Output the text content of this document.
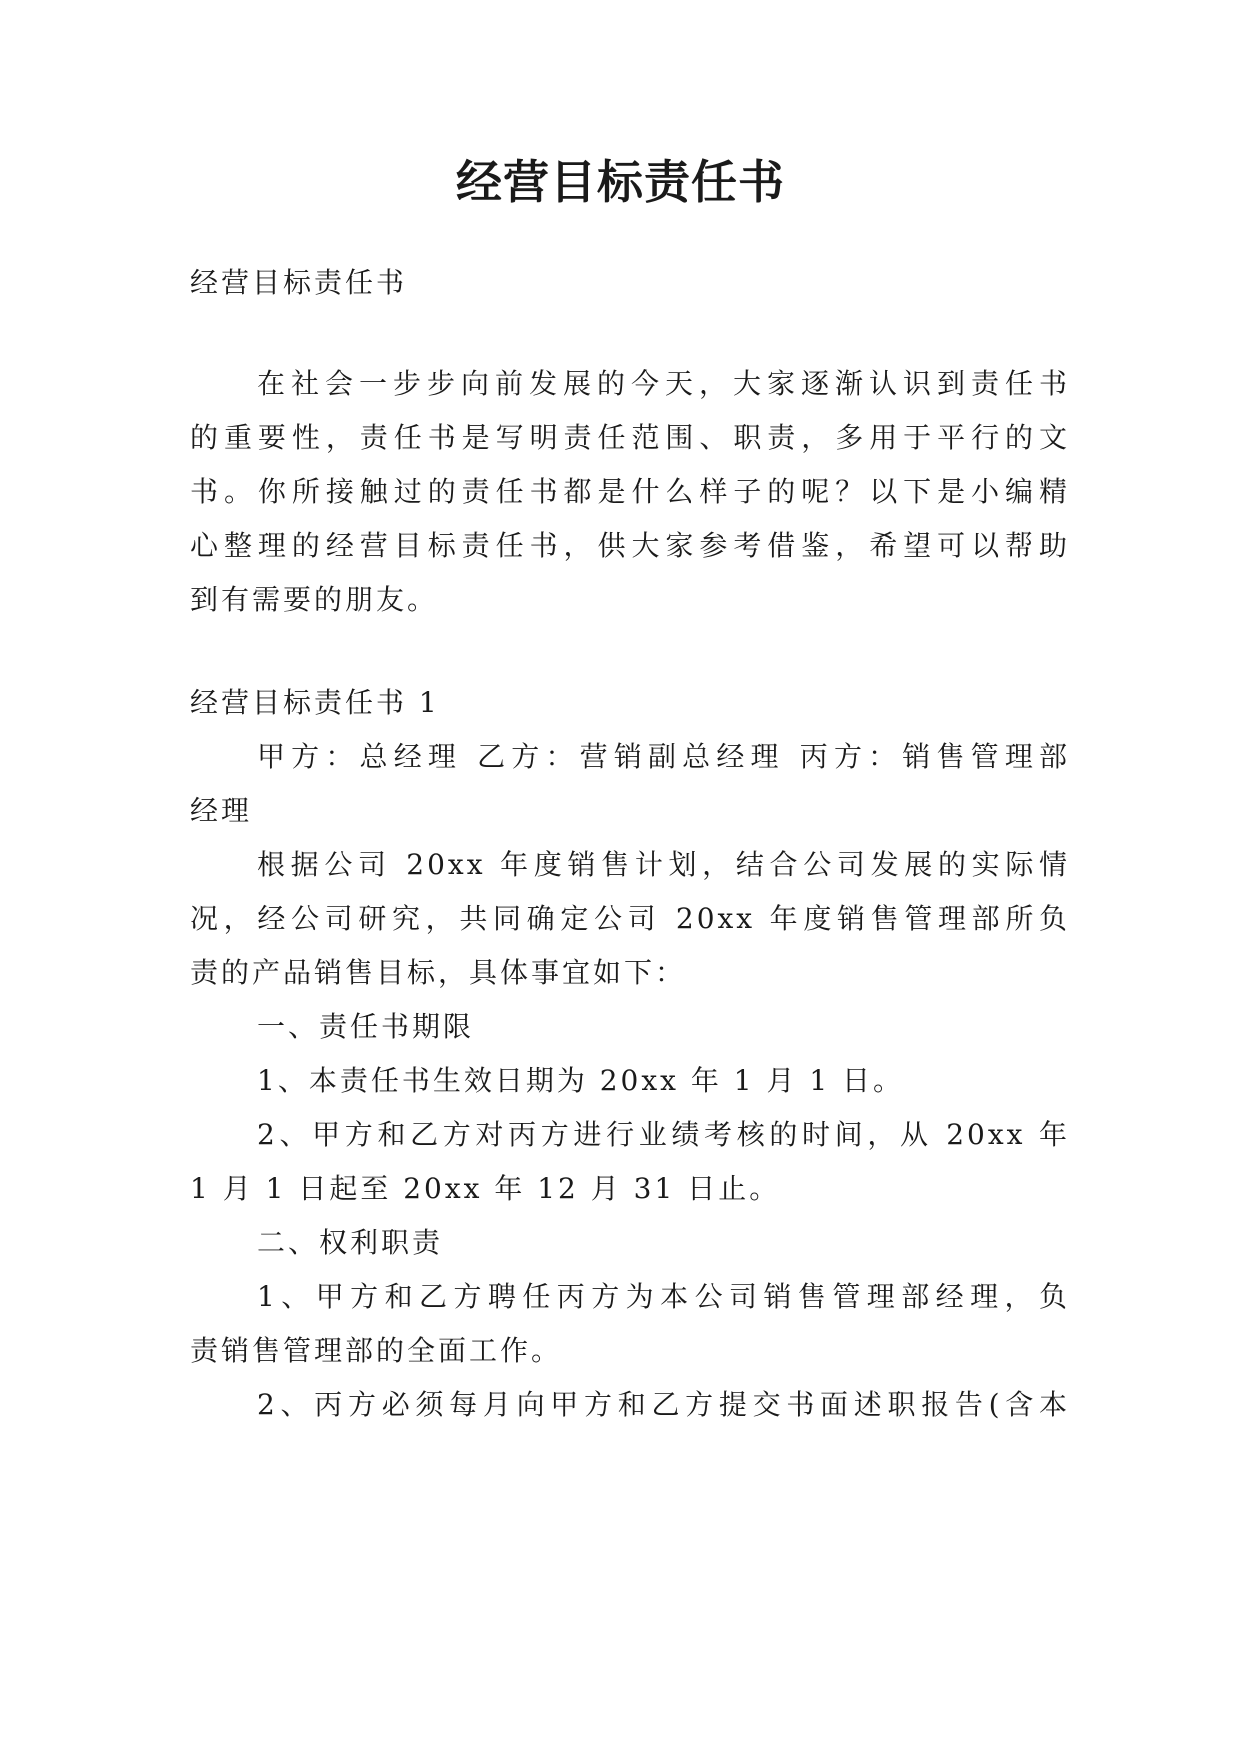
经营目标责任书
经营目标责任书
在社会一步步向前发展的今天，大家逐渐认识到责任书
的重要性，责任书是写明责任范围、职责，多用于平行的文
书。你所接触过的责任书都是什么样子的呢？以下是小编精
心整理的经营目标责任书，供大家参考借鉴，希望可以帮助
到有需要的朋友。
经营目标责任书 1
甲方：总经理 乙方：营销副总经理 丙方：销售管理部
经理
根据公司 20xx 年度销售计划，结合公司发展的实际情
况，经公司研究，共同确定公司 20xx 年度销售管理部所负
责的产品销售目标，具体事宜如下：
一、责任书期限
1、本责任书生效日期为 20xx 年 1 月 1 日。
2、甲方和乙方对丙方进行业绩考核的时间，从 20xx 年
1 月 1 日起至 20xx 年 12 月 31 日止。
二、权利职责
1、甲方和乙方聘任丙方为本公司销售管理部经理，负
责销售管理部的全面工作。
2、丙方必须每月向甲方和乙方提交书面述职报告(含本
